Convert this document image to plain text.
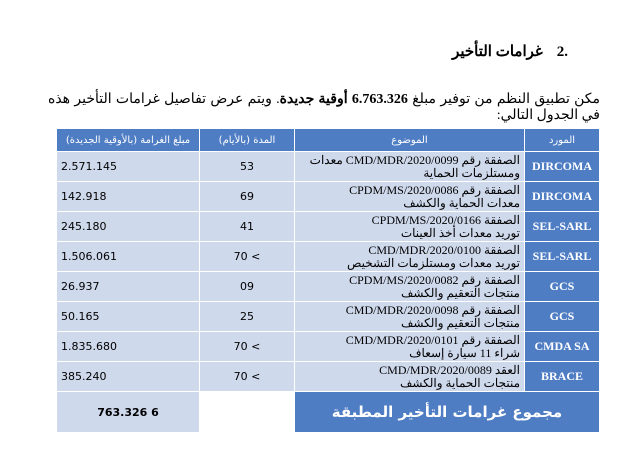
.2
غرامات التأخير
مكن تطبيق النظم من توفير مبلغ 6.763.326 أوقية جديدة. ويتم عرض تفاصيل غرامات التأخير هذه في الجدول التالي:
المورد	الموضوع	المدة (بالأيام)	مبلغ الغرامة (بالأوقية الجديدة)
DIRCOMA	الصفقة رقم 0099/CMD/MDR/2020 معدات
ومستلزمات الحماية	53	2.571.145
DIRCOMA	الصفقة رقم 0086/CPDM/MS/2020
معدات الحماية والكشف	69	142.918
SEL-SARL	الصفقة 0166/CPDM/MS/2020
توريد معدات أخذ العينات	41	245.180
SEL-SARL	الصفقة 0100/CMD/MDR/2020
توريد معدات ومستلزمات التشخيص	> 70	1.506.061
GCS	الصفقة رقم 0082/CPDM/MS/2020
منتجات التعقيم والكشف	09	26.937
GCS	الصفقة رقم 0098/CMD/MDR/2020
منتجات التعقيم والكشف	25	50.165
CMDA SA	الصفقة رقم 0101/CMD/MDR/2020
شراء 11 سيارة إسعاف	> 70	1.835.680
BRACE	العقد 0089/CMD/MDR/2020
منتجات الحماية والكشف	> 70	385.240
مجموع غرامات التأخير المطبقة			6 763.326
